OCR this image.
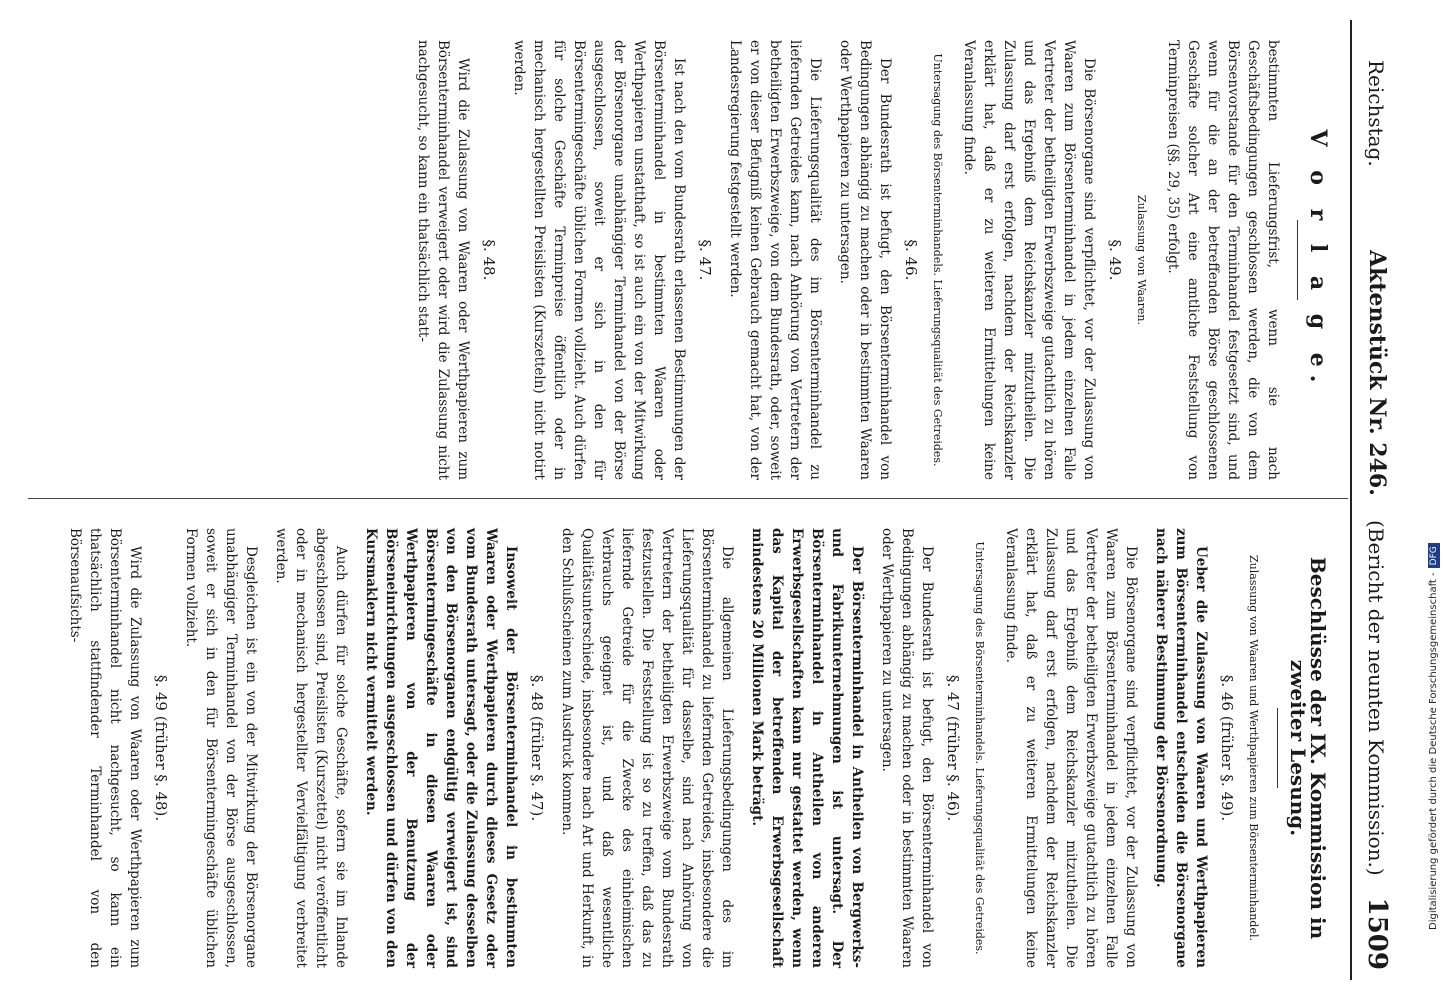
Reichstag.
Aktenstück Nr. 246.
(Bericht der neunten Kommission.)
1509
V o r l a g e.

bestimmten Lieferungsfrist, wenn sie nach Geschäftsbedingungen geschlossen werden, die von dem Börsenvorstande für den Terminhandel festgesetzt sind, und wenn für die an der betreffenden Börse geschlossenen Geschäfte solcher Art eine amtliche Feststellung von Terminpreisen (§§. 29, 35) erfolgt.

Zulassung von Waaren.
§. 49.

Die Börsenorgane sind verpflichtet, vor der Zulassung von Waaren zum Börsenterminhandel in jedem einzelnen Falle Vertreter der betheiligten Erwerbszweige gutachtlich zu hören und das Ergebniß dem Reichskanzler mitzutheilen. Die Zulassung darf erst erfolgen, nachdem der Reichskanzler erklärt hat, daß er zu weiteren Ermittelungen keine Veranlassung finde.

Untersagung des Börsenterminhandels. Lieferungsqualität des Getreides.
§. 46.

Der Bundesrath ist befugt, den Börsenterminhandel von Bedingungen abhängig zu machen oder in bestimmten Waaren oder Werthpapieren zu untersagen.

Die Lieferungsqualität des im Börsenterminhandel zu liefernden Getreides kann, nach Anhörung von Vertretern der betheiligten Erwerbszweige, von dem Bundesrath, oder, soweit er von dieser Befugniß keinen Gebrauch gemacht hat, von der Landesregierung festgestellt werden.

§. 47.

Ist nach den vom Bundesrath erlassenen Bestimmungen der Börsenterminhandel in bestimmten Waaren oder Werthpapieren unstatthaft, so ist auch ein von der Mitwirkung der Börsenorgane unabhängiger Terminhandel von der Börse ausgeschlossen, soweit er sich in den für Börsentermingeschäfte üblichen Formen vollzieht. Auch dürfen für solche Geschäfte Terminpreise öffentlich oder in mechanisch hergestellten Preislisten (Kurszetteln) nicht notirt werden.

§. 48.

Wird die Zulassung von Waaren oder Werthpapieren zum Börsenterminhandel verweigert oder wird die Zulassung nicht nachgesucht, so kann ein thatsächlich statt-

Beschlüsse der IX. Kommission in zweiter Lesung.
Zulassung von Waaren und Werthpapieren zum Börsenterminhandel.
§. 46 (früher §. 49).

Ueber die Zulassung von Waaren und Werthpapieren zum Börsenterminhandel entscheiden die Börsenorgane nach näherer Bestimmung der Börsenordnung.

Die Börsenorgane sind verpflichtet, vor der Zulassung von Waaren zum Börsenterminhandel in jedem einzelnen Falle Vertreter der betheiligten Erwerbszweige gutachtlich zu hören und das Ergebniß dem Reichskanzler mitzutheilen. Die Zulassung darf erst erfolgen, nachdem der Reichskanzler erklärt hat, daß er zu weiteren Ermittelungen keine Veranlassung finde.

Untersagung des Börsenterminhandels. Lieferungsqualität des Getreides.
§. 47 (früher §. 46).

Der Bundesrath ist befugt, den Börsenterminhandel von Bedingungen abhängig zu machen oder in bestimmten Waaren oder Werthpapieren zu untersagen.

Der Börsenterminhandel in Antheilen von Bergwerks- und Fabrikunternehmungen ist untersagt. Der Börsenterminhandel in Antheilen von anderen Erwerbsgesellschaften kann nur gestattet werden, wenn das Kapital der betreffenden Erwerbsgesellschaft mindestens 20 Millionen Mark beträgt.

Die allgemeinen Lieferungsbedingungen des im Börsenterminhandel zu liefernden Getreides, insbesondere die Lieferungsqualität für dasselbe, sind nach Anhörung von Vertretern der betheiligten Erwerbszweige vom Bundesrath festzustellen. Die Feststellung ist so zu treffen, daß das zu liefernde Getreide für die Zwecke des einheimischen Verbrauchs geeignet ist, und daß wesentliche Qualitätsunterschiede, insbesondere nach Art und Herkunft, in den Schlußscheinen zum Ausdruck kommen.

§. 48 (früher §. 47).

Insoweit der Börsenterminhandel in bestimmten Waaren oder Werthpapieren durch dieses Gesetz oder vom Bundesrath untersagt, oder die Zulassung desselben von den Börsenorganen endgültig verweigert ist, sind Börsentermingeschäfte in diesen Waaren oder Werthpapieren von der Benutzung der Börseneinrichtungen ausgeschlossen und dürfen von den Kursmaklern nicht vermittelt werden.

Auch dürfen für solche Geschäfte, sofern sie im Inlande abgeschlossen sind, Preislisten (Kurszettel) nicht veröffentlicht oder in mechanisch hergestellter Vervielfältigung verbreitet werden.

Desgleichen ist ein von der Mitwirkung der Börsenorgane unabhängiger Terminhandel von der Börse ausgeschlossen, soweit er sich in den für Börsentermingeschäfte üblichen Formen vollzieht.

§. 49 (früher §. 48).

Wird die Zulassung von Waaren oder Werthpapieren zum Börsenterminhandel nicht nachgesucht, so kann ein thatsächlich stattfindender Terminhandel von den Börsenaufsichts-	Digitalisierung gefördert durch die Deutsche Forschungsgemeinschaft -DFG
